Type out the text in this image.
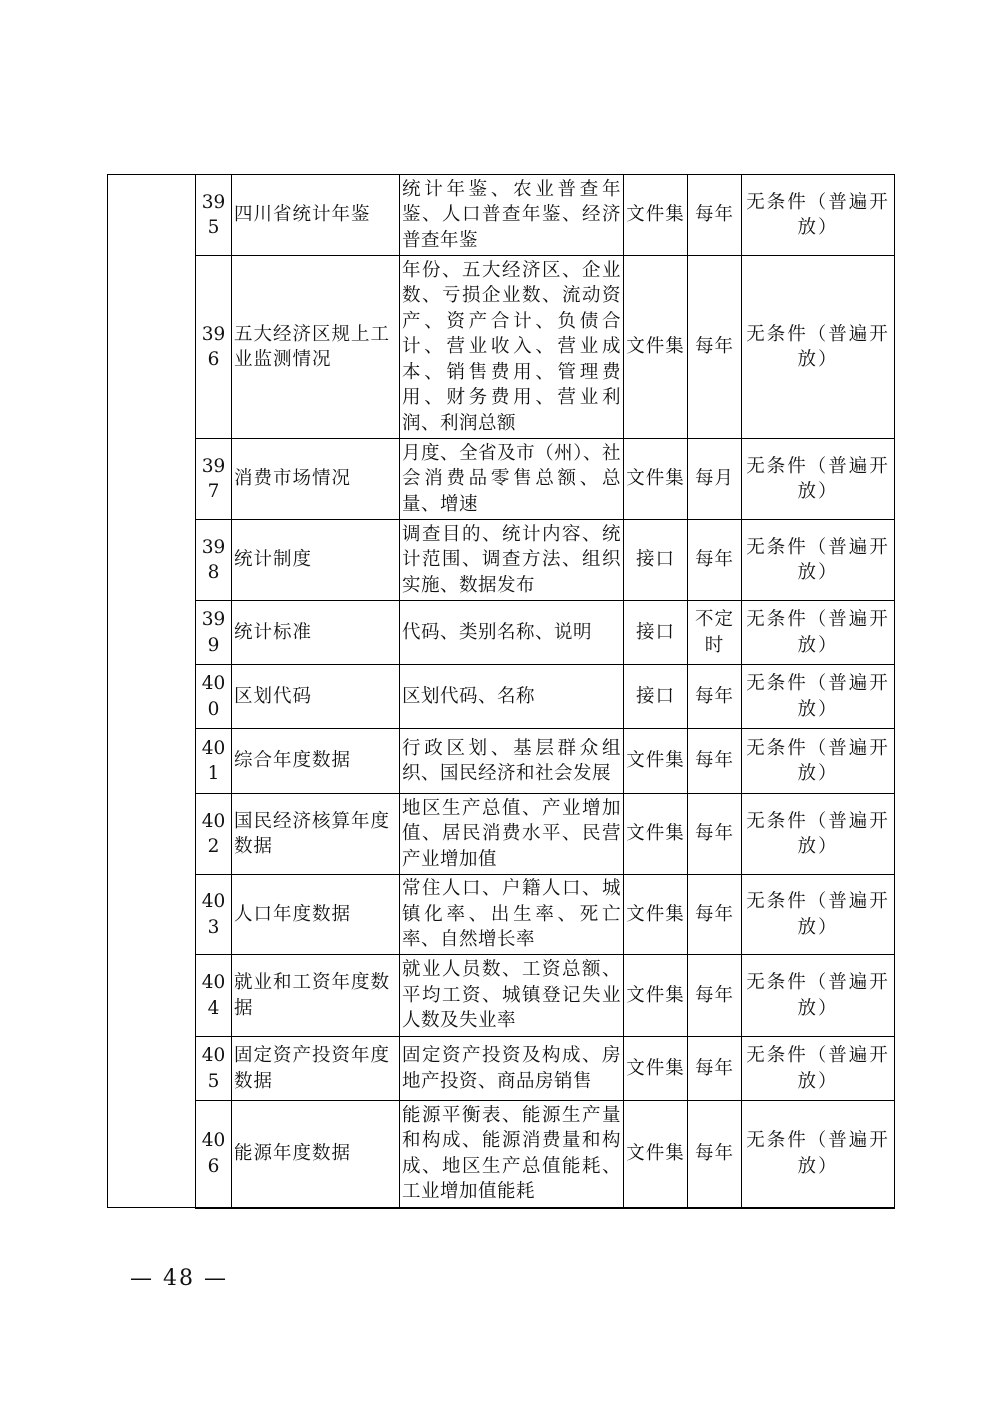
	395	四川省统计年鉴	统计年鉴、农业普查年鉴、人口普查年鉴、经济普查年鉴	文件集	每年	无条件（普遍开放）
	396	五大经济区规上工业监测情况	年份、五大经济区、企业数、亏损企业数、流动资产、资产合计、负债合计、营业收入、营业成本、销售费用、管理费用、财务费用、营业利润、利润总额	文件集	每年	无条件（普遍开放）
	397	消费市场情况	月度、全省及市（州）、社会消费品零售总额、总量、增速	文件集	每月	无条件（普遍开放）
	398	统计制度	调查目的、统计内容、统计范围、调查方法、组织实施、数据发布	接口	每年	无条件（普遍开放）
	399	统计标准	代码、类别名称、说明	接口	不定时	无条件（普遍开放）
	400	区划代码	区划代码、名称	接口	每年	无条件（普遍开放）
	401	综合年度数据	行政区划、基层群众组织、国民经济和社会发展	文件集	每年	无条件（普遍开放）
	402	国民经济核算年度数据	地区生产总值、产业增加值、居民消费水平、民营产业增加值	文件集	每年	无条件（普遍开放）
	403	人口年度数据	常住人口、户籍人口、城镇化率、出生率、死亡率、自然增长率	文件集	每年	无条件（普遍开放）
	404	就业和工资年度数据	就业人员数、工资总额、平均工资、城镇登记失业人数及失业率	文件集	每年	无条件（普遍开放）
	405	固定资产投资年度数据	固定资产投资及构成、房地产投资、商品房销售	文件集	每年	无条件（普遍开放）
	406	能源年度数据	能源平衡表、能源生产量和构成、能源消费量和构成、地区生产总值能耗、工业增加值能耗	文件集	每年	无条件（普遍开放）
— 48 —
